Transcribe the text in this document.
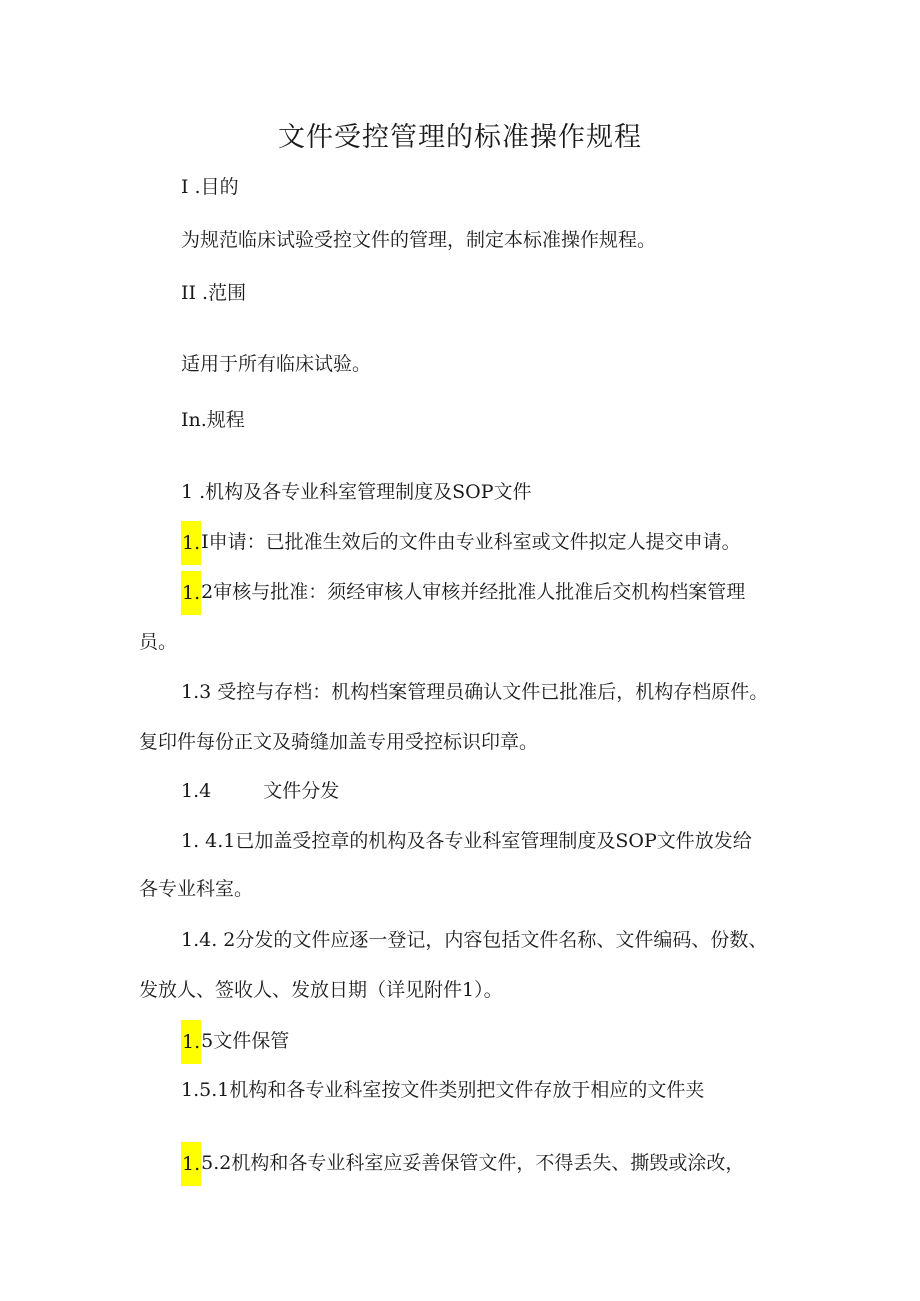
文件受控管理的标准操作规程
I .目的
为规范临床试验受控文件的管理，制定本标准操作规程。
II .范围
适用于所有临床试验。
In.规程
1 .机构及各专业科室管理制度及SOP文件
1.I申请：已批准生效后的文件由专业科室或文件拟定人提交申请。
1.2审核与批准：须经审核人审核并经批准人批准后交机构档案管理
员。
1.3 受控与存档：机构档案管理员确认文件已批准后，机构存档原件。
复印件每份正文及骑缝加盖专用受控标识印章。
1.4	文件分发
1. 4.1已加盖受控章的机构及各专业科室管理制度及SOP文件放发给
各专业科室。
1.4. 2分发的文件应逐一登记，内容包括文件名称、文件编码、份数、
发放人、签收人、发放日期（详见附件1）。
1.5文件保管
1.5.1机构和各专业科室按文件类别把文件存放于相应的文件夹
1.5.2机构和各专业科室应妥善保管文件，不得丢失、撕毁或涂改，
